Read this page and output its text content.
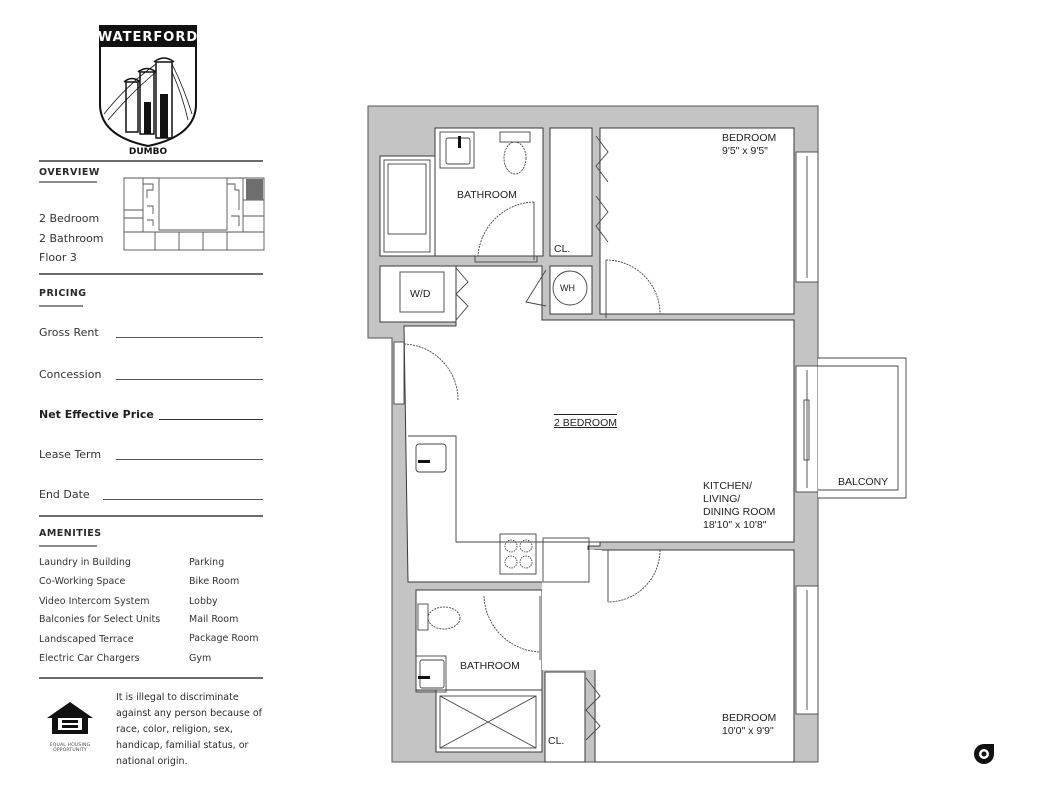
WATERFORD
DUMBO
OVERVIEW
2 Bedroom
2 Bathroom
Floor 3
PRICING
Gross Rent
Concession
Net Effective Price
Lease Term
End Date
AMENITIES
Laundry in Building
Co-Working Space
Video Intercom System
Balconies for Select Units
Landscaped Terrace
Electric Car Chargers
Parking
Bike Room
Lobby
Mail Room
Package Room
Gym
EQUAL HOUSING OPPORTUNITY
It is illegal to discriminate against any person because of race, color, religion, sex, handicap, familial status, or national origin.
BEDROOM
9'5" x 9'5"
BATHROOM
CL.
W/D	WH
2 BEDROOM
KITCHEN/
LIVING/
DINING ROOM
18'10" x 10'8"
BALCONY
BATHROOM
CL.
BEDROOM
10'0" x 9'9"
